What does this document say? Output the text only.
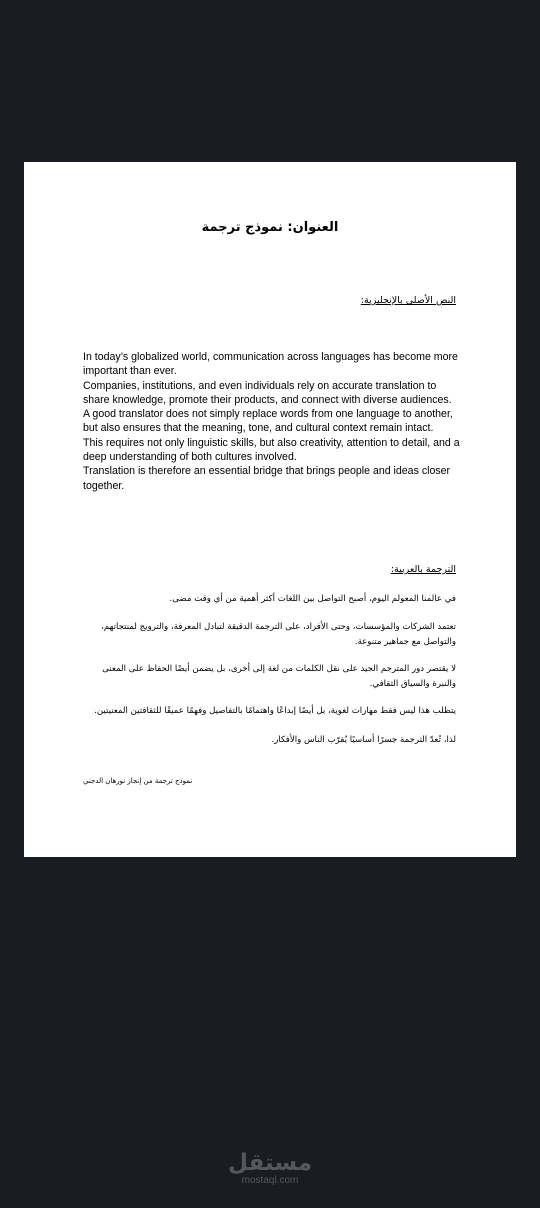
العنوان: نموذج ترجمة
النص الأصلي بالإنجليزية:

In today’s globalized world, communication across languages has become more important than ever.

Companies, institutions, and even individuals rely on accurate translation to share knowledge, promote their products, and connect with diverse audiences.

A good translator does not simply replace words from one language to another, but also ensures that the meaning, tone, and cultural context remain intact.

This requires not only linguistic skills, but also creativity, attention to detail, and a deep understanding of both cultures involved.

Translation is therefore an essential bridge that brings people and ideas closer together.

الترجمة بالعربية:

في عالمنا المعولم اليوم، أصبح التواصل بين اللغات أكثر أهمية من أي وقت مضى.

تعتمد الشركات والمؤسسات، وحتى الأفراد، على الترجمة الدقيقة لتبادل المعرفة، والترويج لمنتجاتهم، والتواصل مع جماهير متنوعة.

لا يقتصر دور المترجم الجيد على نقل الكلمات من لغة إلى أخرى، بل يضمن أيضًا الحفاظ على المعنى والنبرة والسياق الثقافي.

يتطلب هذا ليس فقط مهارات لغوية، بل أيضًا إبداعًا واهتمامًا بالتفاصيل وفهمًا عميقًا للثقافتين المعنيتين.

لذا، تُعدّ الترجمة جسرًا أساسيًا يُقرّب الناس والأفكار.

نموذج ترجمة من إنجاز نورهان الدجني
مستقل
mostaql.com
